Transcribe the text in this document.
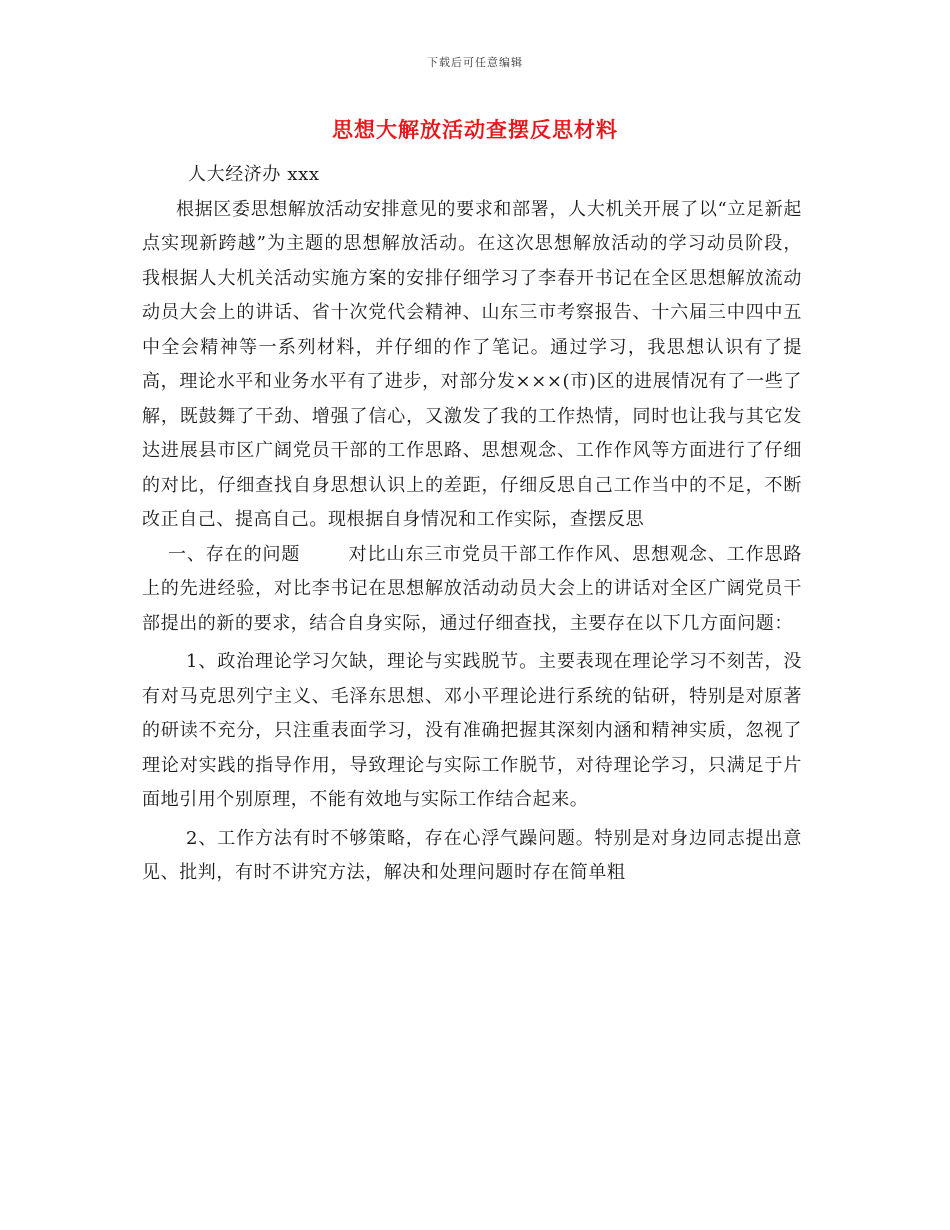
下载后可任意编辑
思想大解放活动查摆反思材料

人大经济办 xxx

根据区委思想解放活动安排意见的要求和部署，人大机关开展了以“立足新起点实现新跨越”为主题的思想解放活动。在这次思想解放活动的学习动员阶段，我根据人大机关活动实施方案的安排仔细学习了李春开书记在全区思想解放流动动员大会上的讲话、省十次党代会精神、山东三市考察报告、十六届三中四中五中全会精神等一系列材料，并仔细的作了笔记。通过学习，我思想认识有了提高，理论水平和业务水平有了进步，对部分发×××(市)区的进展情况有了一些了解，既鼓舞了干劲、增强了信心，又激发了我的工作热情，同时也让我与其它发达进展县市区广阔党员干部的工作思路、思想观念、工作作风等方面进行了仔细的对比，仔细查找自身思想认识上的差距，仔细反思自己工作当中的不足，不断改正自己、提高自己。现根据自身情况和工作实际，查摆反思

一、存在的问题	对比山东三市党员干部工作作风、思想观念、工作思路上的先进经验，对比李书记在思想解放活动动员大会上的讲话对全区广阔党员干部提出的新的要求，结合自身实际，通过仔细查找，主要存在以下几方面问题：

1、政治理论学习欠缺，理论与实践脱节。主要表现在理论学习不刻苦，没有对马克思列宁主义、毛泽东思想、邓小平理论进行系统的钻研，特别是对原著的研读不充分，只注重表面学习，没有准确把握其深刻内涵和精神实质，忽视了理论对实践的指导作用，导致理论与实际工作脱节，对待理论学习，只满足于片面地引用个别原理，不能有效地与实际工作结合起来。

2、工作方法有时不够策略，存在心浮气躁问题。特别是对身边同志提出意见、批判，有时不讲究方法，解决和处理问题时存在简单粗
